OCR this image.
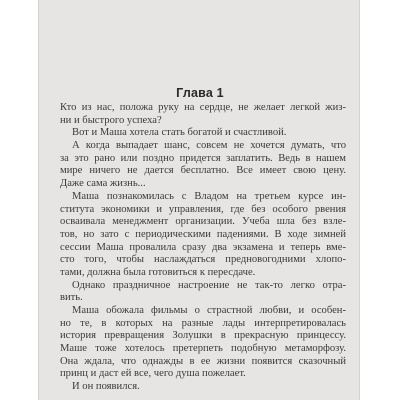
Глава 1
Кто из нас, положа руку на сердце, не желает легкой жиз-
ни и быстрого успеха?
Вот и Маша хотела стать богатой и счастливой.
А когда выпадает шанс, совсем не хочется думать, что
за это рано или поздно придется заплатить. Ведь в нашем
мире ничего не дается бесплатно. Все имеет свою цену.
Даже сама жизнь...
Маша познакомилась с Владом на третьем курсе ин-
ститута экономики и управления, где без особого рвения
осваивала менеджмент организации. Учеба шла без взле-
тов, но зато с периодическими падениями. В ходе зимней
сессии Маша провалила сразу два экзамена и теперь вме-
сто того, чтобы наслаждаться предновогодними хлопо-
тами, должна была готовиться к пересдаче.
Однако праздничное настроение не так-то легко отра-
вить.
Маша обожала фильмы о страстной любви, и особен-
но те, в которых на разные лады интерпретировалась
история превращения Золушки в прекрасную принцессу.
Маше тоже хотелось претерпеть подобную метаморфозу.
Она ждала, что однажды в ее жизни появится сказочный
принц и даст ей все, чего душа пожелает.
И он появился.
